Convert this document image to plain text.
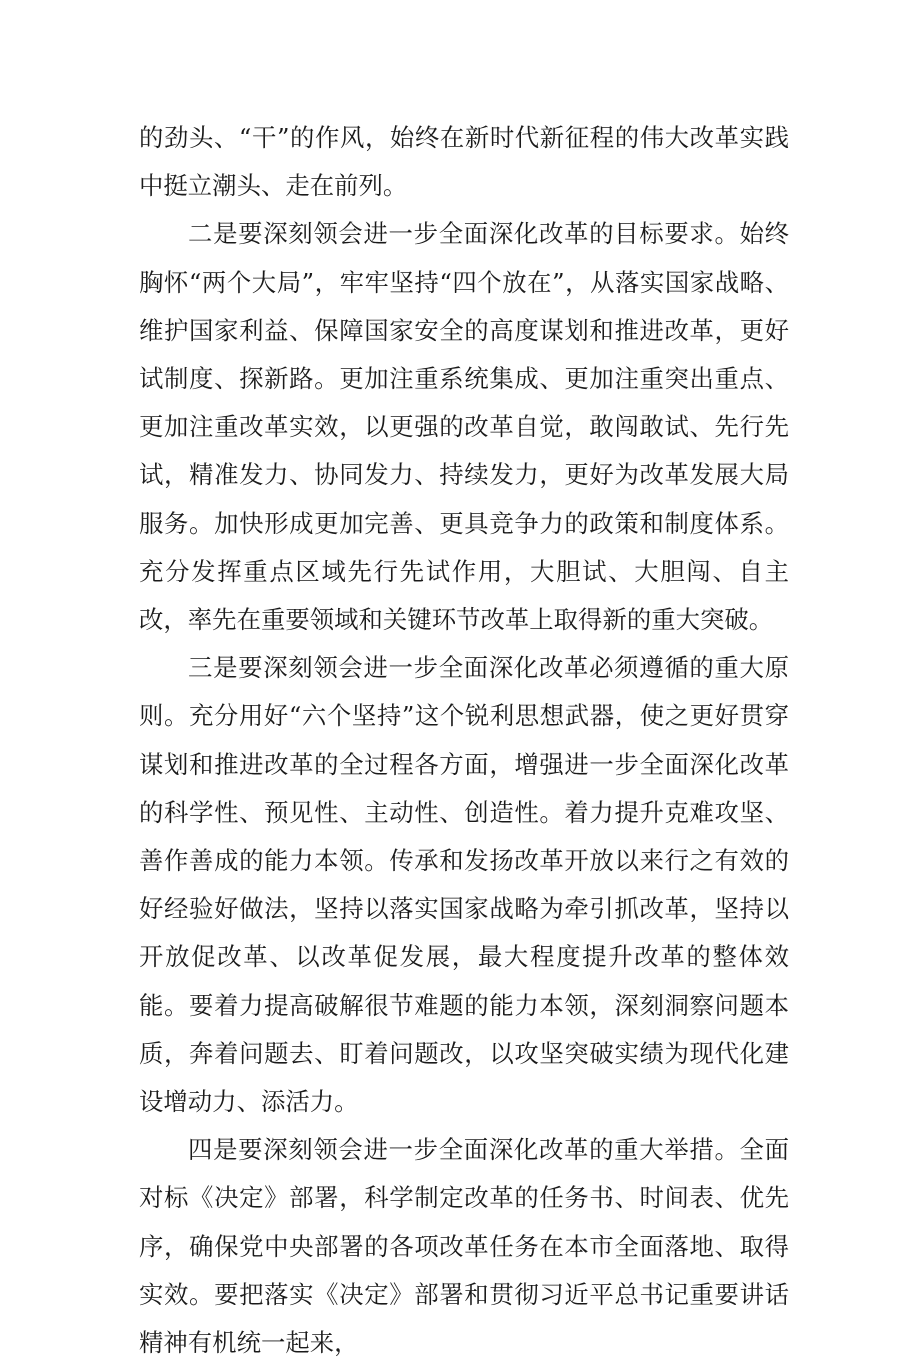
的劲头、“干”的作风，始终在新时代新征程的伟大改革实践中挺立潮头、走在前列。

二是要深刻领会进一步全面深化改革的目标要求。始终胸怀“两个大局”，牢牢坚持“四个放在”，从落实国家战略、维护国家利益、保障国家安全的高度谋划和推进改革，更好试制度、探新路。更加注重系统集成、更加注重突出重点、更加注重改革实效，以更强的改革自觉，敢闯敢试、先行先试，精准发力、协同发力、持续发力，更好为改革发展大局服务。加快形成更加完善、更具竞争力的政策和制度体系。充分发挥重点区域先行先试作用，大胆试、大胆闯、自主改，率先在重要领域和关键环节改革上取得新的重大突破。

三是要深刻领会进一步全面深化改革必须遵循的重大原则。充分用好“六个坚持”这个锐利思想武器，使之更好贯穿谋划和推进改革的全过程各方面，增强进一步全面深化改革的科学性、预见性、主动性、创造性。着力提升克难攻坚、善作善成的能力本领。传承和发扬改革开放以来行之有效的好经验好做法，坚持以落实国家战略为牵引抓改革，坚持以开放促改革、以改革促发展，最大程度提升改革的整体效能。要着力提高破解很节难题的能力本领，深刻洞察问题本质，奔着问题去、盯着问题改，以攻坚突破实绩为现代化建设增动力、添活力。

四是要深刻领会进一步全面深化改革的重大举措。全面对标《决定》部署，科学制定改革的任务书、时间表、优先序，确保党中央部署的各项改革任务在本市全面落地、取得实效。要把落实《决定》部署和贯彻习近平总书记重要讲话精神有机统一起来，
